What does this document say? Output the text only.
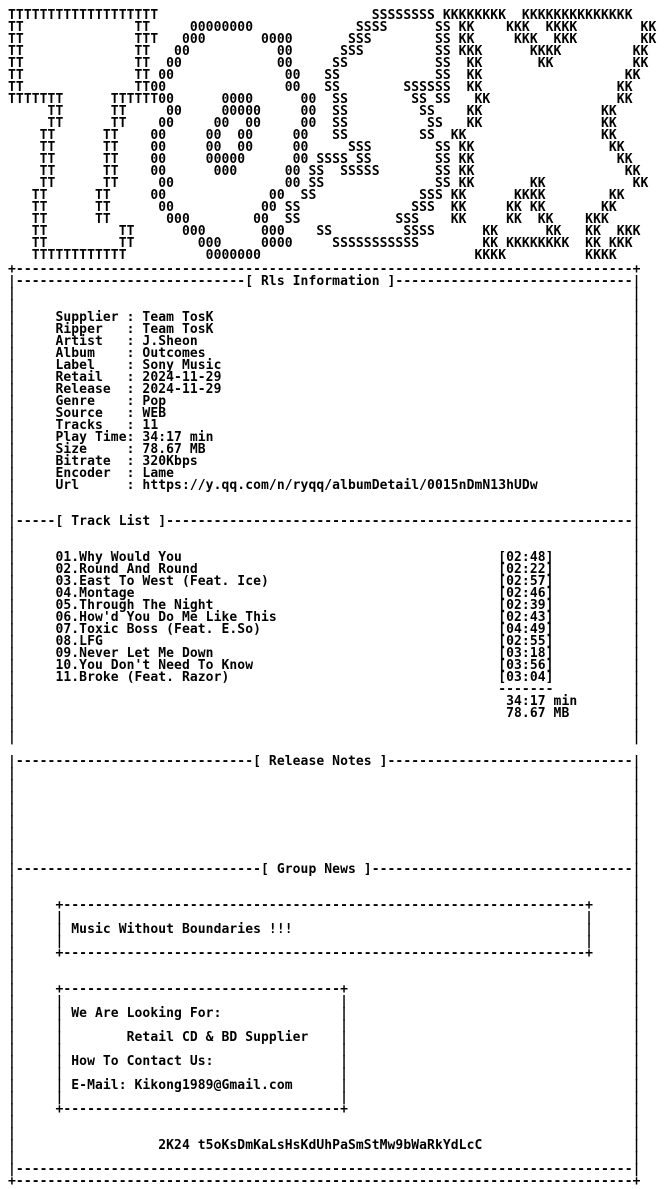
TTTTTTTTTTTTTTTTTTT                           SSSSSSSS KKKKKKKK  KKKKKKKKKKKKKK
TT              TT     00000000             SSSS      SS KK    KKK  KKKK        KK
TT              TTT   000       0000       SSS        SS KK     KKK  KKK        KK
TT              TT   00           00      SSS         SS KKK      KKKK         KK
TT              TT  00            00     SS           SS  KK       KK          KK
TT              TT 00              00   SS            SS  KK                  KK
TT              TT00               00   SS        SSSSSS  KK                 KK
TTTTTTT      TTTTTT00      0000      00  SS        SS SS   KK                KK
TT      TT     00     00000     00  SS         SS    KK               KK
TT      TT    00     00  00     00  SS          SS   KK               KK
TT      TT    00     00  00     00   SS         SS  KK                 KK
TT      TT    00     00  00     00     SSS        SS KK                 KK
TT      TT    00     00000      00 SSSS SS        SS KK                  KK
TT      TT    00      000      00 SS  SSSSS       SS KK                   KK
TT      TT     00              00 SS              SS KK       KK           KK
TT      TT     00             00  SS             SSS KK      KKKK        KK
TT      TT      00           00 SS              SSS  KK     KK KK       KK
TT      TT       000        00  SS            SSS    KK     KK  KK    KKK
TT         TT      000       000    SS         SSSS      KK      KK   KK  KKK
TT         TT        000     0000     SSSSSSSSSSS        KK KKKKKKKK  KK KKK
TTTTTTTTTTTT          0000000                           KKKK          KKKK
+------------------------------------------------------------------------------+
|-----------------------------[ Rls Information ]------------------------------|
|                                                                              |
|                                                                              |
|     Supplier : Team TosK                                                     |
|     Ripper   : Team TosK                                                     |
|     Artist   : J.Sheon                                                       |
|     Album    : Outcomes                                                      |
|     Label    : Sony Music                                                    |
|     Retail   : 2024-11-29                                                    |
|     Release  : 2024-11-29                                                    |
|     Genre    : Pop                                                           |
|     Source   : WEB                                                           |
|     Tracks   : 11                                                            |
|     Play Time: 34:17 min                                                     |
|     Size     : 78.67 MB                                                      |
|     Bitrate  : 320Kbps                                                       |
|     Encoder  : Lame                                                          |
|     Url      : https://y.qq.com/n/ryqq/albumDetail/0015nDmN13hUDw            |
|                                                                              |
|                                                                              |
|-----[ Track List ]-----------------------------------------------------------|
|                                                                              |
|                                                                              |
|     01.Why Would You                                        [02:48]          |
|     02.Round And Round                                      [02:22]          |
|     03.East To West (Feat. Ice)                             [02:57]          |
|     04.Montage                                              [02:46]          |
|     05.Through The Night                                    [02:39]          |
|     06.How'd You Do Me Like This                            [02:43]          |
|     07.Toxic Boss (Feat. E.So)                              [04:49]          |
|     08.LFG                                                  [02:55]          |
|     09.Never Let Me Down                                    [03:18]          |
|     10.You Don't Need To Know                               [03:56]          |
|     11.Broke (Feat. Razor)                                  [03:04]          |
|                                                             -------          |
|                                                              34:17 min       |
|                                                              78.67 MB        |
|                                                                              |
|                                                                              |
|------------------------------[ Release Notes ]-------------------------------|
|                                                                              |
|                                                                              |
|                                                                              |
|                                                                              |
|                                                                              |
|                                                                              |
|                                                                              |
|                                                                              |
|-------------------------------[ Group News ]---------------------------------|
|                                                                              |
|                                                                              |
|     +------------------------------------------------------------------+     |
|     |                                                                  |     |
|     | Music Without Boundaries !!!                                     |     |
|     |                                                                  |     |
|     +------------------------------------------------------------------+     |
|                                                                              |
|                                                                              |
|     +-----------------------------------+                                    |
|     |                                   |                                    |
|     | We Are Looking For:               |                                    |
|     |                                   |                                    |
|     |        Retail CD & BD Supplier    |                                    |
|     |                                   |                                    |
|     | How To Contact Us:                |                                    |
|     |                                   |                                    |
|     | E-Mail: Kikong1989@Gmail.com      |                                    |
|     |                                   |                                    |
|     +-----------------------------------+                                    |
|                                                                              |
|                                                                              |
|                  2K24 t5oKsDmKaLsHsKdUhPaSmStMw9bWaRkYdLcC                   |
|                                                                              |
|------------------------------------------------------------------------------|
+------------------------------------------------------------------------------+
